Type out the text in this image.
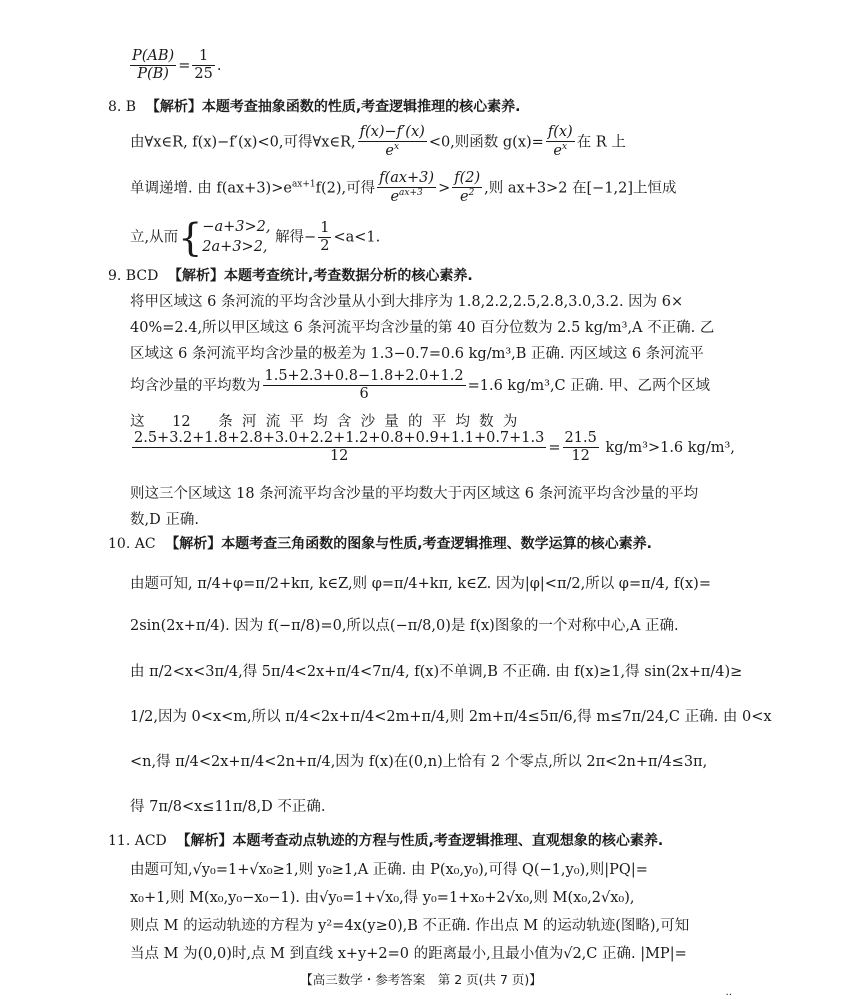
$\frac{P(AB)}{P(B)} = \frac{1}{25}$ .
8. B 【解析】本题考查抽象函数的性质,考查逻辑推理的核心素养.
由∀x∈R, f(x)−f′(x)<0,可得∀x∈R, $\frac{f(x)-f'(x)}{e^x} <0$,则函数 $g(x)= \frac{f(x)}{e^x}$ 在 R 上
单调递增. 由 $f(ax+3)>e^{ax+1}f(2)$,可得 $\frac{f(ax+3)}{e^{ax+3}} > \frac{f(2)}{e^2}$ ,则 ax+3>2 在[−1,2]上恒成
立,从而{−a+3>2,
2a+3>2, 解得− $\frac{1}{2} <a<1$.
9. BCD 【解析】本题考查统计,考查数据分析的核心素养.
将甲区域这 6 条河流的平均含沙量从小到大排序为 1.8,2.2,2.5,2.8,3.0,3.2. 因为 6×
40%=2.4,所以甲区域这 6 条河流平均含沙量的第 40 百分位数为 2.5 kg/m³,A 不正确. 乙
区域这 6 条河流平均含沙量的极差为 1.3−0.7=0.6 kg/m³,B 正确. 丙区域这 6 条河流平
均含沙量的平均数为 $\frac{1.5+2.3+0.8-1.8+2.0+1.2}{6} =1.6$ kg/m³,C 正确. 甲、乙两个区域
这      12      条  河  流  平  均  含  沙  量  的  平  均  数  为
$\frac{2.5+3.2+1.8+2.8+3.0+2.2+1.2+0.8+0.9+1.1+0.7+1.3}{12} = \frac{21.5}{12} kg/m^3>1.6$ kg/m³,
则这三个区域这 18 条河流平均含沙量的平均数大于丙区域这 6 条河流平均含沙量的平均
数,D 正确.
10. AC 【解析】本题考查三角函数的图象与性质,考查逻辑推理、数学运算的核心素养.
由题可知, π/4+φ=π/2+kπ, k∈Z,则 φ=π/4+kπ, k∈Z. 因为|φ|<π/2,所以 φ=π/4, f(x)=
2sin(2x+π/4). 因为 f(−π/8)=0,所以点(−π/8,0)是 f(x)图象的一个对称中心,A 正确.
由 π/2<x<3π/4,得 5π/4<2x+π/4<7π/4, f(x)不单调,B 不正确. 由 f(x)≥1,得 sin(2x+π/4)≥
1/2,因为 0<x<m,所以 π/4<2x+π/4<2m+π/4,则 2m+π/4≤5π/6,得 m≤7π/24,C 正确. 由 0<x
<n,得 π/4<2x+π/4<2n+π/4,因为 f(x)在(0,n)上恰有 2 个零点,所以 2π<2n+π/4≤3π,
得 7π/8<x≤11π/8,D 不正确.
11. ACD 【解析】本题考查动点轨迹的方程与性质,考查逻辑推理、直观想象的核心素养.
由题可知,√y₀=1+√x₀≥1,则 y₀≥1,A 正确. 由 P(x₀,y₀),可得 Q(−1,y₀),则|PQ|=
x₀+1,则 M(x₀,y₀−x₀−1). 由√y₀=1+√x₀,得 y₀=1+x₀+2√x₀,则 M(x₀,2√x₀),
则点 M 的运动轨迹的方程为 y²=4x(y≥0),B 不正确. 作出点 M 的运动轨迹(图略),可知
当点 M 为(0,0)时,点 M 到直线 x+y+2=0 的距离最小,且最小值为√2,C 正确. |MP|=
【高三数学・参考答案　第 2 页(共 7 页)】
··
